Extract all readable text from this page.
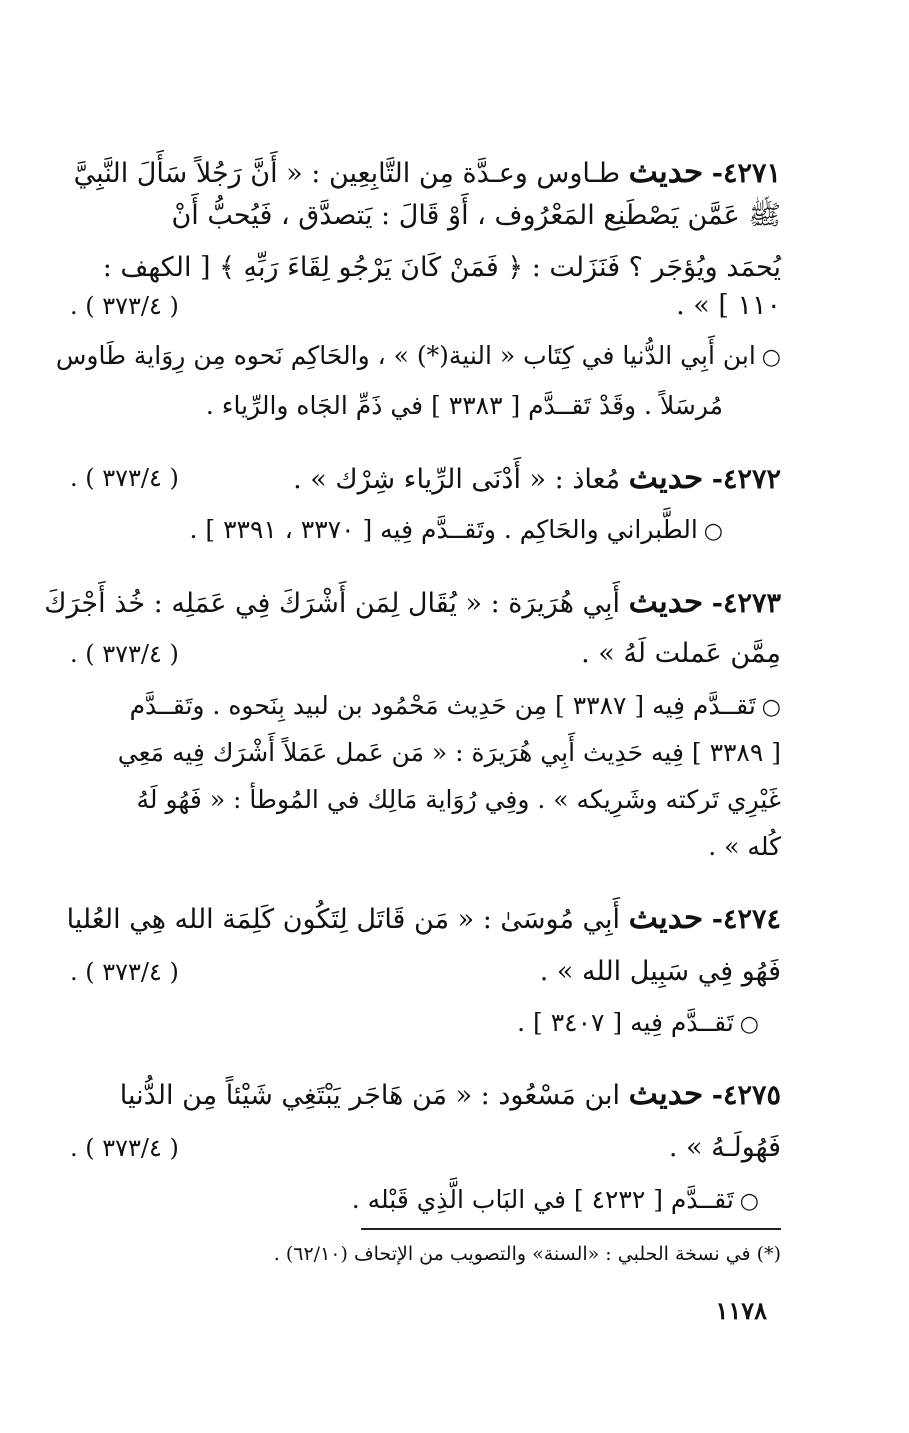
٤٢٧١- حديث طـاوس وعـدَّة مِن التَّابِعِين : « أَنَّ رَجُلاً سَأَلَ النَّبِيَّ
ﷺ عَمَّن يَصْطَنِع المَعْرُوف ، أَوْ قَالَ : يَتصدَّق ، فَيُحبُّ أَنْ
يُحمَد ويُؤجَر ؟ فَنَزَلت : ﴿ فَمَنْ كَانَ يَرْجُو لِقَاءَ رَبِّهِ ﴾ [ الكهف :
١١٠ ] » .
( ٣٧٣/٤ ) .
○ابن أَبِي الدُّنيا في كِتَاب « النية(*) » ، والحَاكِم نَحوه مِن رِوَاية طَاوس
مُرسَلاً . وقَدْ تَقــدَّم [ ٣٣٨٣ ] في ذَمِّ الجَاه والرِّياء .
٤٢٧٢- حديث مُعاذ : « أَدْنَى الرِّياء شِرْك » .
( ٣٧٣/٤ ) .
○الطَّبراني والحَاكِم . وتَقــدَّم فِيه [ ٣٣٧٠ ، ٣٣٩١ ] .
٤٢٧٣- حديث أَبِي هُرَيرَة : « يُقَال لِمَن أَشْرَكَ فِي عَمَلِه : خُذ أَجْرَكَ
مِمَّن عَملت لَهُ » .
( ٣٧٣/٤ ) .
○تَقــدَّم فِيه [ ٣٣٨٧ ] مِن حَدِيث مَحْمُود بن لبيد بِنَحوه . وتَقــدَّم
[ ٣٣٨٩ ] فِيه حَدِيث أَبِي هُرَيرَة : « مَن عَمل عَمَلاً أَشْرَك فِيه مَعِي
غَيْرِي تَركته وشَرِيكه » . وفِي رُوَاية مَالِك في المُوطأ : « فَهُو لَهُ
كُله » .
٤٢٧٤- حديث أَبِي مُوسَىٰ : « مَن قَاتَل لِتَكُون كَلِمَة الله هِي العُليا
فَهُو فِي سَبِيل الله » .
( ٣٧٣/٤ ) .
○تَقــدَّم فِيه [ ٣٤٠٧ ] .
٤٢٧٥- حديث ابن مَسْعُود : « مَن هَاجَر يَبْتَغِي شَيْئاً مِن الدُّنيا
فَهُولَـهُ » .
( ٣٧٣/٤ ) .
○تَقــدَّم [ ٤٢٣٢ ] في البَاب الَّذِي قَبْله .
(*) في نسخة الحلبي : «السنة» والتصويب من الإتحاف (٦٢/١٠) .
١١٧٨
